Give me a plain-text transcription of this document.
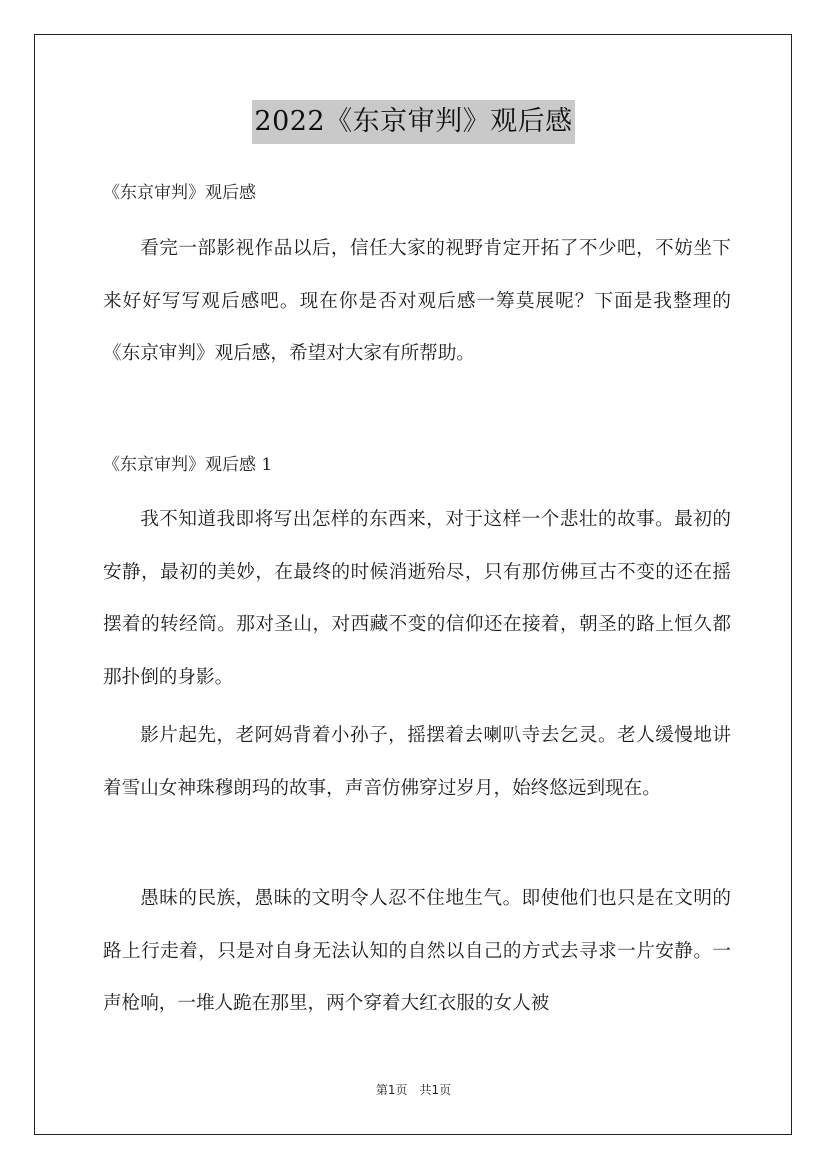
2022《东京审判》观后感
《东京审判》观后感

看完一部影视作品以后，信任大家的视野肯定开拓了不少吧，不妨坐下来好好写写观后感吧。现在你是否对观后感一筹莫展呢？下面是我整理的《东京审判》观后感，希望对大家有所帮助。

《东京审判》观后感 1

我不知道我即将写出怎样的东西来，对于这样一个悲壮的故事。最初的安静，最初的美妙，在最终的时候消逝殆尽，只有那仿佛亘古不变的还在摇摆着的转经筒。那对圣山，对西藏不变的信仰还在接着，朝圣的路上恒久都那扑倒的身影。

影片起先，老阿妈背着小孙子，摇摆着去喇叭寺去乞灵。老人缓慢地讲着雪山女神珠穆朗玛的故事，声音仿佛穿过岁月，始终悠远到现在。

愚昧的民族，愚昧的文明令人忍不住地生气。即使他们也只是在文明的路上行走着，只是对自身无法认知的自然以自己的方式去寻求一片安静。一声枪响，一堆人跪在那里，两个穿着大红衣服的女人被

第1页　共1页
